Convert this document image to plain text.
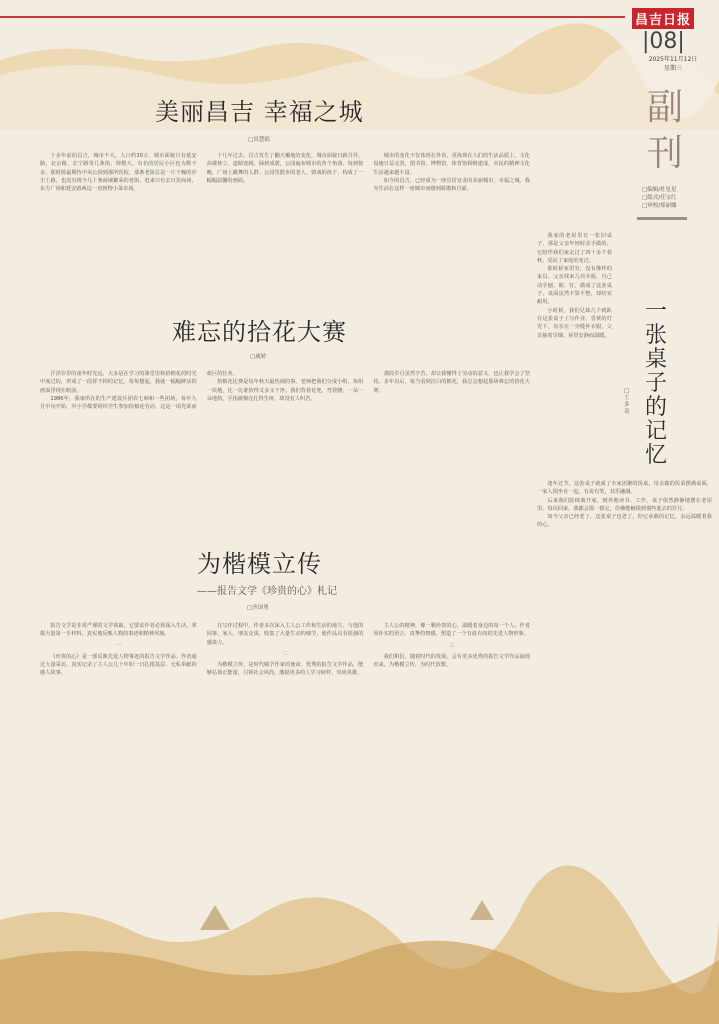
昌吉日报
|08|
2025年11月12日
星期三
副刊
□编辑/杜星星
□版式/任宝红
□审校/郑丽娜
美丽昌吉 幸福之城
□田慧娟

十多年前的昌吉，城市不大，人口约30万，城市面貌只有延安路、北京路、长宁路等几条街，规模大、有名的居民小区也为数不多，那时候最期待中央公园到那所医院，那条老街总是一片干燥的沙尘土路，也没有现今几十条商铺繁荣的老街，逛来只有去百货商场，东方广场和延安路两边一直到物小菜市场。

十几年过去，昌吉发生了翻天覆地的变化，城市面貌日新月异，高楼林立，道路宽阔，绿树成荫，公园遍布城市的各个角落。每到傍晚，广场上跳舞的人群、公园里散步的老人、嬉戏的孩子，构成了一幅幅温馨的画面。

城市的变化不仅体现在外表，更体现在人们的生活品质上。文化设施日益完善，图书馆、博物馆、体育馆相继建成，市民的精神文化生活越来越丰富。

如今的昌吉，已经成为一座宜居宜业的美丽城市，幸福之城。我为生活在这样一座城市而感到骄傲和自豪。

难忘的拾花大赛
□戚娇

汗浮岁岁的童年时光远，大多是在学习的课堂里和拾棉花的时光中度过的，形成了一段挥不掉的记忆，每每想起，我就一幅幅鲜活的画面浮现在眼前。

1986年，我家所在的生产建设兵团农七师和一些团场，每年九月中旬开始，中小学都要组织学生参加拾棉花劳动，这是一项光荣而艰巨的任务。

拾棉花比赛是每年秋天最热闹的事。老师把我们分成小组，每组一块地，比一比谁拾得又多又干净。我们背着花兜，弯着腰，一朵一朵地拾，手指被棉壳扎得生疼，却没有人叫苦。

那段岁月虽然辛苦，却让我懂得了劳动的意义，也让我学会了坚持。多年以后，每当看到洁白的棉花，我总会想起那场难忘的拾花大赛。

为楷模立传
——报告文学《珍贵的心》札记
□齐国勇

报告文学是非常严谨的文学体裁，它要求作者必须深入生活，掌握大量第一手材料，真实地反映人物的事迹和精神风貌。

一

《珍贵的心》是一部反映先进人物事迹的报告文学作品。作者通过大量采访，真实记录了主人公几十年如一日扎根基层、无私奉献的感人故事。

在写作过程中，作者多次深入主人公工作和生活的地方，与他的同事、家人、朋友交谈，收集了大量生动的细节，使作品具有很强的感染力。

二

为楷模立传，是时代赋予作家的使命。优秀的报告文学作品，能够弘扬正能量，引领社会风尚，激励更多的人学习榜样、崇尚英雄。

主人公的精神，像一颗珍贵的心，温暖着身边的每一个人。作者用朴实的语言、真挚的情感，塑造了一个有血有肉的先进人物形象。

三

我们相信，随着时代的发展，会有更多优秀的报告文学作品涌现出来，为楷模立传，为时代放歌。

一张桌子的记忆
□王多奇

我家的老屋里有一张旧桌子，那是父亲年轻时亲手做的。它陪伴我们家走过了四十多个春秋，见证了家庭的变迁。

那时候家里穷，没有像样的家具。父亲找来几块木板，自己动手刨、锯、钉，做成了这张桌子。桌面虽然不算平整，却结实耐用。

小时候，我们兄妹几个就趴在这张桌子上写作业。昏黄的灯光下，母亲在一旁缝补衣服，父亲抽着旱烟，屋里安静而温暖。

逢年过节，这张桌子就成了全家团聚的饭桌。母亲做的饭菜摆满桌面，一家人围坐在一起，有说有笑，其乐融融。

后来我们陆续离开家，到外地读书、工作，桌子依然静静地摆在老屋里。每次回家，我都会摸一摸它，仿佛能触摸到那些逝去的岁月。

如今父亲已经老了，这张桌子也老了。但它承载的记忆，永远温暖着我的心。
